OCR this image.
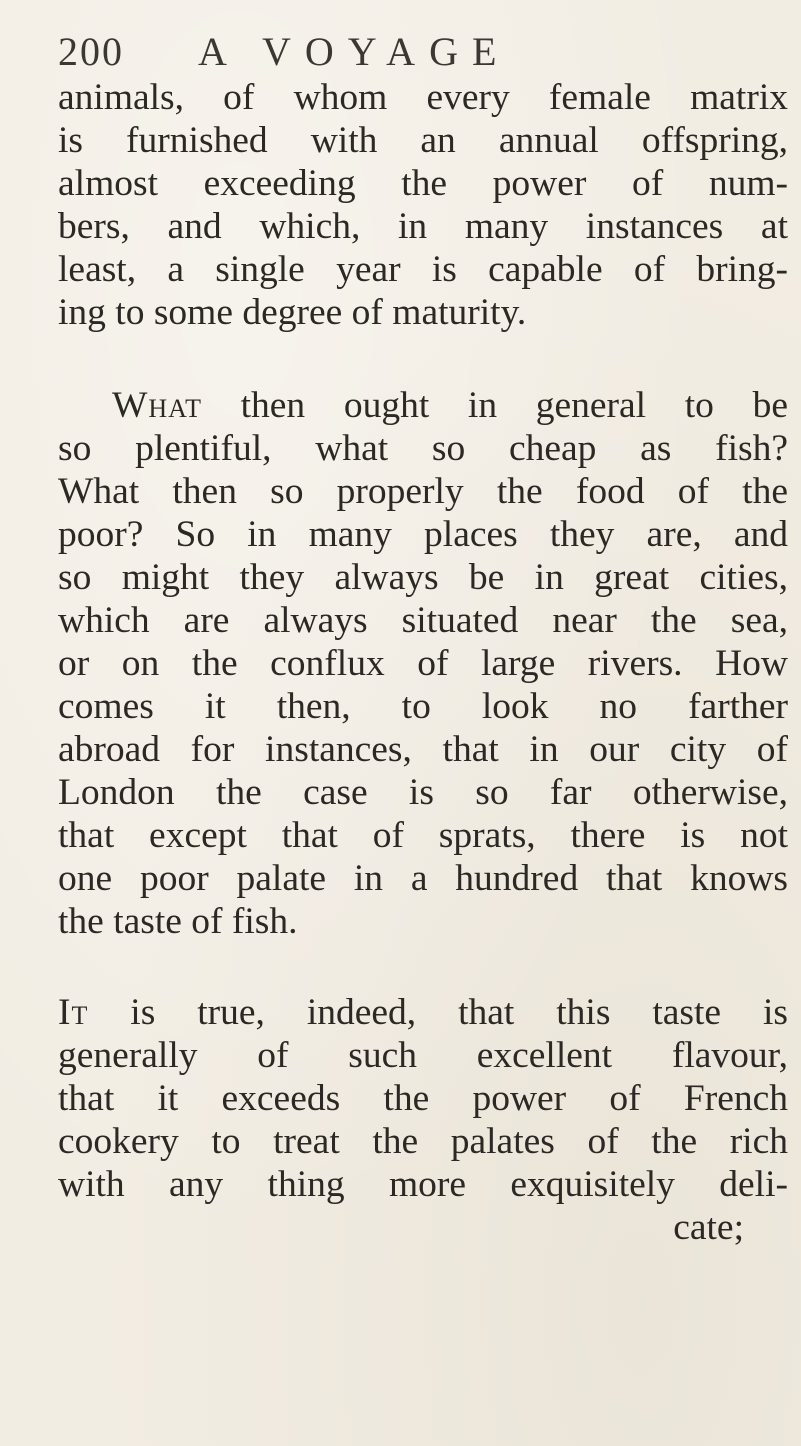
200 A VOYAGE
animals, of whom every female matrix
is furnished with an annual offspring,
almost exceeding the power of num-
bers, and which, in many instances at
least, a single year is capable of bring-
ing to some degree of maturity.
What then ought in general to be
so plentiful, what so cheap as fish?
What then so properly the food of the
poor? So in many places they are, and
so might they always be in great cities,
which are always situated near the sea,
or on the conflux of large rivers. How
comes it then, to look no farther
abroad for instances, that in our city of
London the case is so far otherwise,
that except that of sprats, there is not
one poor palate in a hundred that knows
the taste of fish.
It is true, indeed, that this taste is
generally of such excellent flavour,
that it exceeds the power of French
cookery to treat the palates of the rich
with any thing more exquisitely deli-
cate;
